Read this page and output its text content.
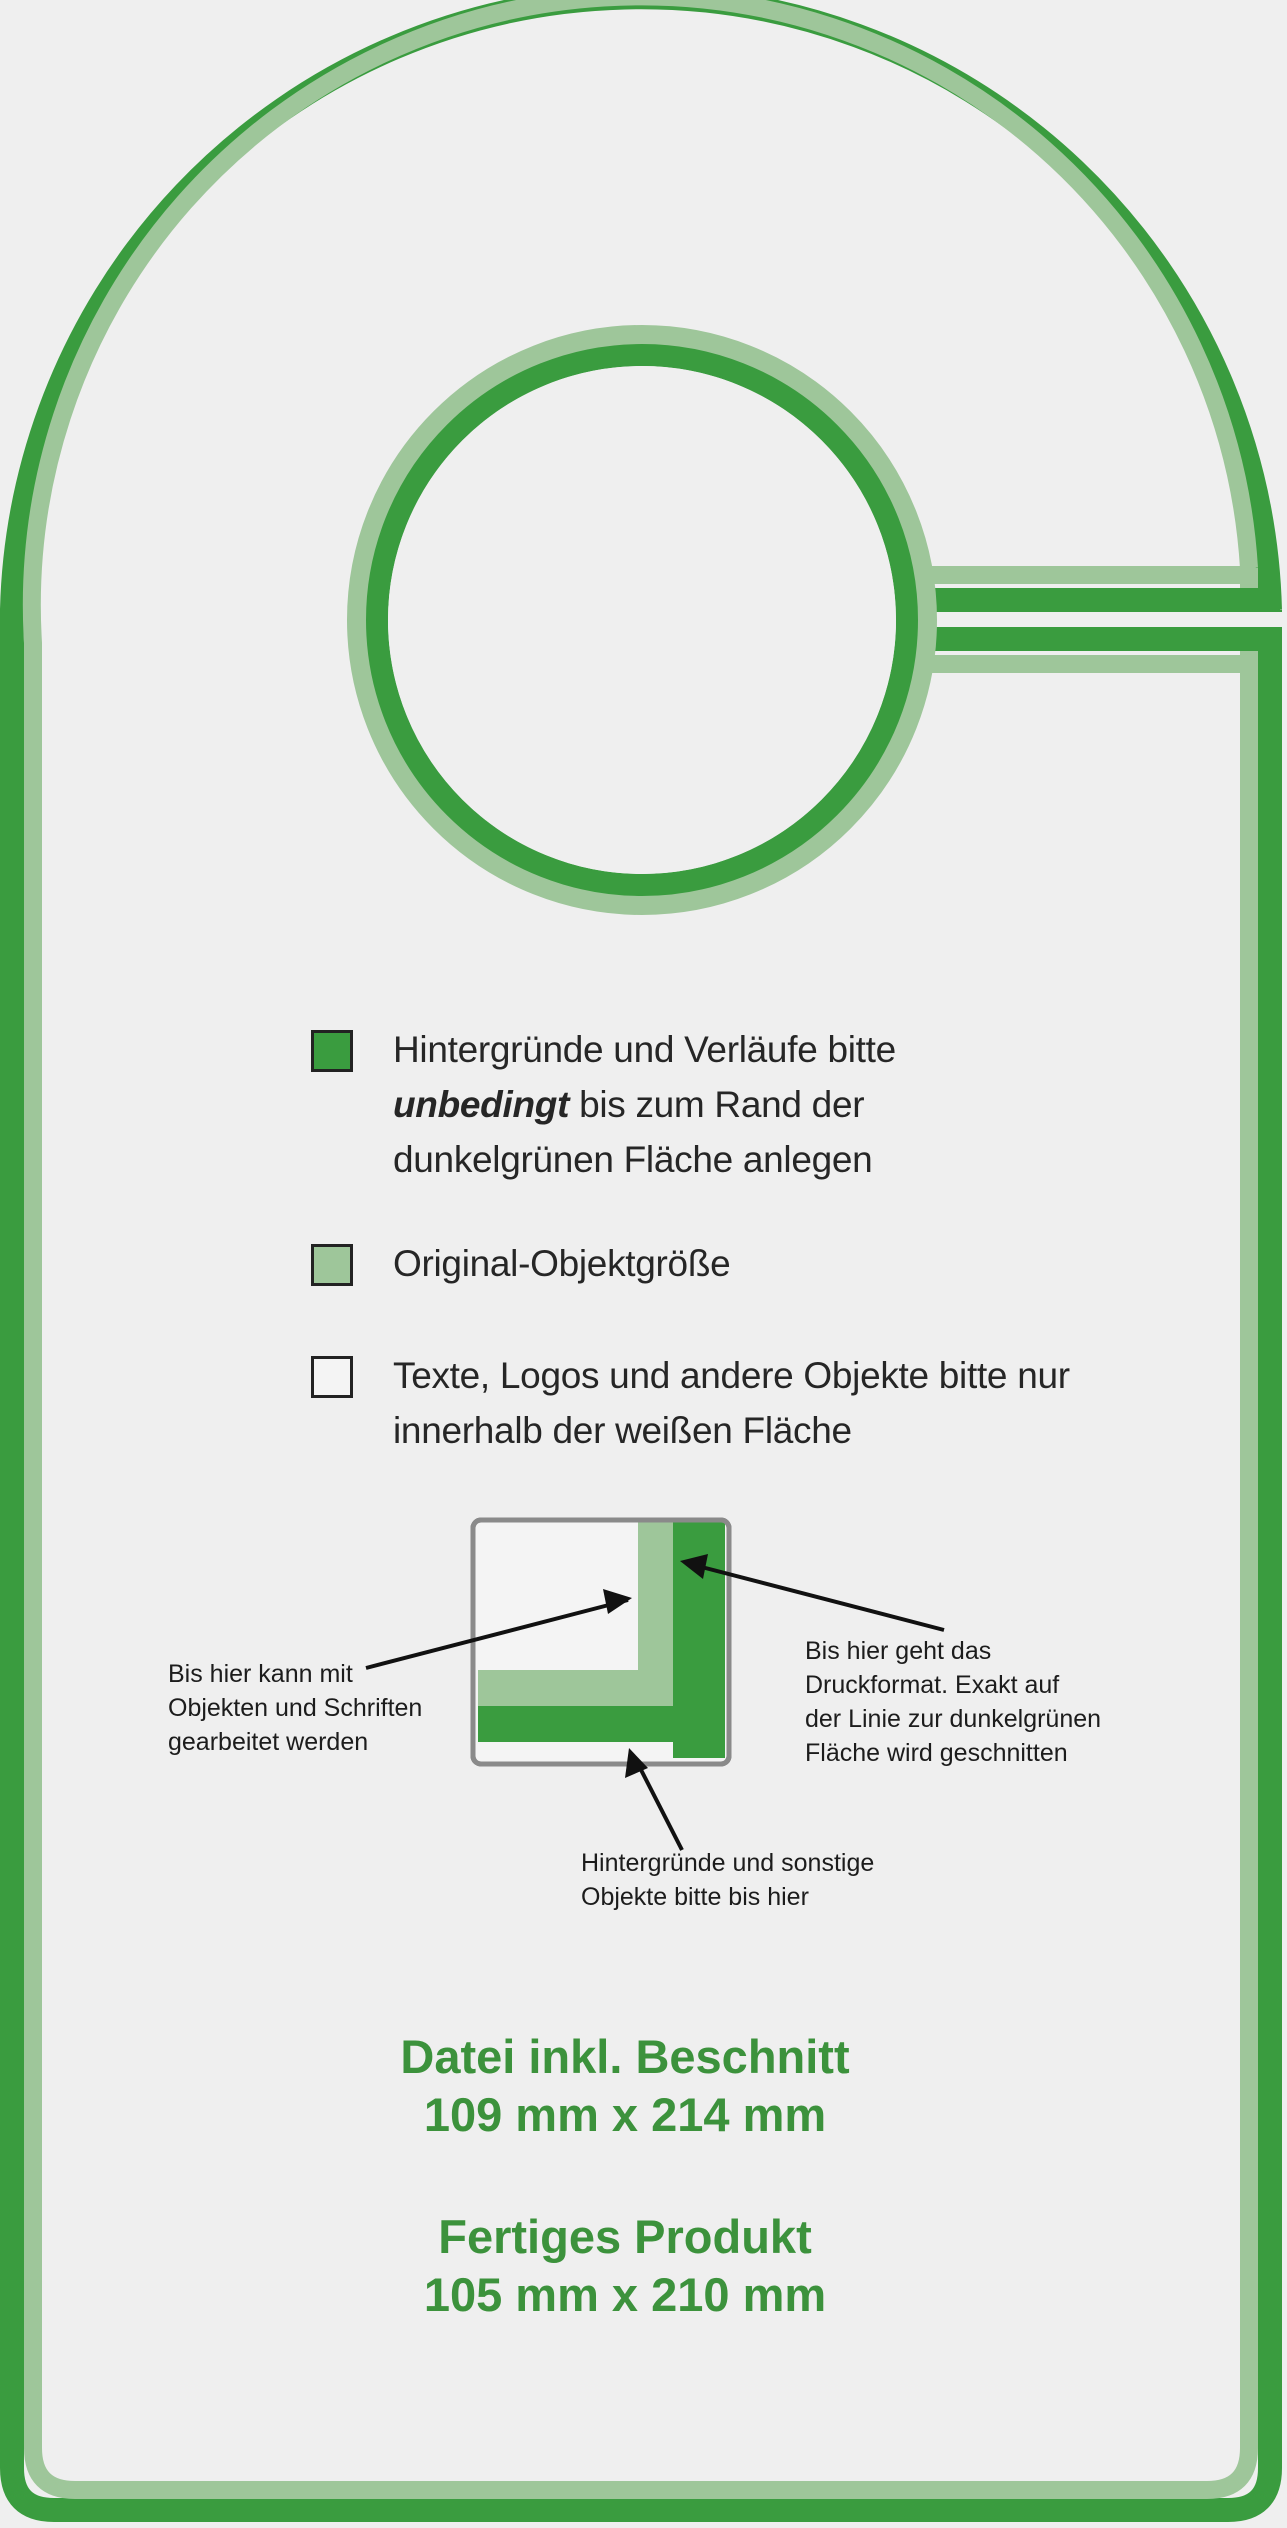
Hintergründe und Verläufe bitte
unbedingt bis zum Rand der
dunkelgrünen Fläche anlegen
Original-Objektgröße
Texte, Logos und andere Objekte bitte nur
innerhalb der weißen Fläche
Bis hier kann mit
Objekten und Schriften
gearbeitet werden
Bis hier geht das
Druckformat. Exakt auf
der Linie zur dunkelgrünen
Fläche wird geschnitten
Hintergründe und sonstige
Objekte bitte bis hier
Datei inkl. Beschnitt
109 mm x 214 mm
Fertiges Produkt
105 mm x 210 mm
